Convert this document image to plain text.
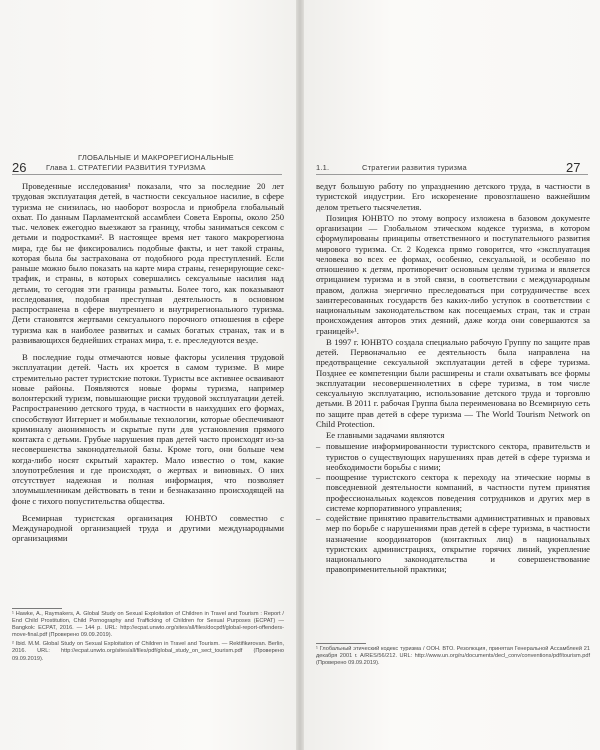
26	Глава 1.
ГЛОБАЛЬНЫЕ И МАКРОРЕГИОНАЛЬНЫЕ
СТРАТЕГИИ РАЗВИТИЯ ТУРИЗМА

Проведенные исследования¹ показали, что за последние 20 лет трудовая эксплуатация детей, в частности сексуальное насилие, в сфере туризма не снизилась, но наоборот возросла и приобрела глобальный охват. По данным Парламентской ассамблеи Совета Европы, около 250 тыс. человек ежегодно выезжают за границу, чтобы заниматься сексом с детьми и подростками². В настоящее время нет такого макрорегиона мира, где бы не фиксировались подобные факты, и нет такой страны, которая была бы застрахована от подобного рода преступлений. Если раньше можно было показать на карте мира страны, генерирующие секс-трафик, и страны, в которых совершались сексуальные насилия над детьми, то сегодня эти границы размыты. Более того, как показывают исследования, подобная преступная деятельность в основном распространена в сфере внутреннего и внутрирегионального туризма. Дети становятся жертвами сексуального порочного отношения в сфере туризма как в наиболее развитых и самых богатых странах, так и в развивающихся беднейших странах мира, т. е. преследуются везде.

В последние годы отмечаются новые факторы усиления трудовой эксплуатации детей. Часть их кроется в самом туризме. В мире стремительно растет туристские потоки. Туристы все активнее осваивают новые районы. Появляются новые формы туризма, например волонтерский туризм, повышающие риски трудовой эксплуатации детей. Распространению детского труда, в частности в наихудших его формах, способствуют Интернет и мобильные технологии, которые обеспечивают криминалу анонимность и скрытые пути для установления прямого контакта с детьми. Грубые нарушения прав детей часто происходят из-за несовершенства законодательной базы. Кроме того, они больше чем когда-либо носят скрытый характер. Мало известно о том, какие злоупотребления и где происходят, о жертвах и виновных. О них отсутствует надежная и полная информация, что позволяет злоумышленникам действовать в тени и безнаказанно происходящей на фоне с тихого попустительства общества.

Всемирная туристская организация ЮНВТО совместно с Международной организацией труда и другими международными организациями

¹ Hawke, A., Raymakers, A. Global Study on Sexual Exploitation of Children in Travel and Tourism : Report / End Child Prostitution, Child Pornography and Trafficking of Children for Sexual Purposes (ECPAT) — Bangkok: ECPAT, 2016. — 144 p. URL: http://ecpat.unwto.org/sites/all/files/docpdf/global-report-offenders-move-final.pdf (Проверено 09.09.2019).

² Ibid. M.M. Global Study on Sexual Exploitation of Children in Travel and Tourism. — Rеktifikиrovan. Berlin, 2016. URL: http://ecpat.unwto.org/sites/all/files/pdf/global_study_on_sect_tourism.pdf (Проверено 09.09.2019).

1.1.	Стратегии развития туризма	27

ведут большую работу по упразднению детского труда, в частности в туристской индустрии. Его искоренение провозглашено важнейшим делом третьего тысячелетия.

Позиция ЮНВТО по этому вопросу изложена в базовом документе организации — Глобальном этическом кодексе туризма, в котором сформулированы принципы ответственного и поступательного развития мирового туризма. Ст. 2 Кодекса прямо говорится, что «эксплуатация человека во всех ее формах, особенно, сексуальной, и особенно по отношению к детям, противоречит основным целям туризма и является отрицанием туризма и в этой связи, в соответствии с международным правом, должна энергично преследоваться при сотрудничестве всех заинтересованных государств без каких-либо уступок в соответствии с национальным законодательством как посещаемых стран, так и стран происхождения авторов этих деяний, даже когда они совершаются за границей»¹.

В 1997 г. ЮНВТО создала специально рабочую Группу по защите прав детей. Первоначально ее деятельность была направлена на предотвращение сексуальной эксплуатации детей в сфере туризма. Позднее ее компетенции были расширены и стали охватывать все формы эксплуатации несовершеннолетних в сфере туризма, в том числе сексуальную эксплуатацию, использование детского труда и торговлю детьми. В 2011 г. рабочая Группа была переименована во Всемирную сеть по защите прав детей в сфере туризма — The World Tourism Network on Child Protection.

Ее главными задачами являются

– повышение информированности туристского сектора, правительств и туристов о существующих нарушениях прав детей в сфере туризма и необходимости борьбы с ними;
– поощрение туристского сектора к переходу на этические нормы в повседневной деятельности компаний, в частности путем принятия профессиональных кодексов поведения сотрудников и других мер в системе корпоративного управления;
– содействие принятию правительствами административных и правовых мер по борьбе с нарушениями прав детей в сфере туризма, в частности назначение координаторов (контактных лиц) в национальных туристских администрациях, открытие горячих линий, укрепление национального законодательства и совершенствование правоприменительной практики;

¹ Глобальный этический кодекс туризма / ООН. ВТО. Резолюция, принятая Генеральной Ассамблеей 21 декабря 2001 г. A/RES/56/212. URL: http://www.un.org/ru/documents/decl_conv/conventions/pdf/tourism.pdf (Проверено 09.09.2019).
